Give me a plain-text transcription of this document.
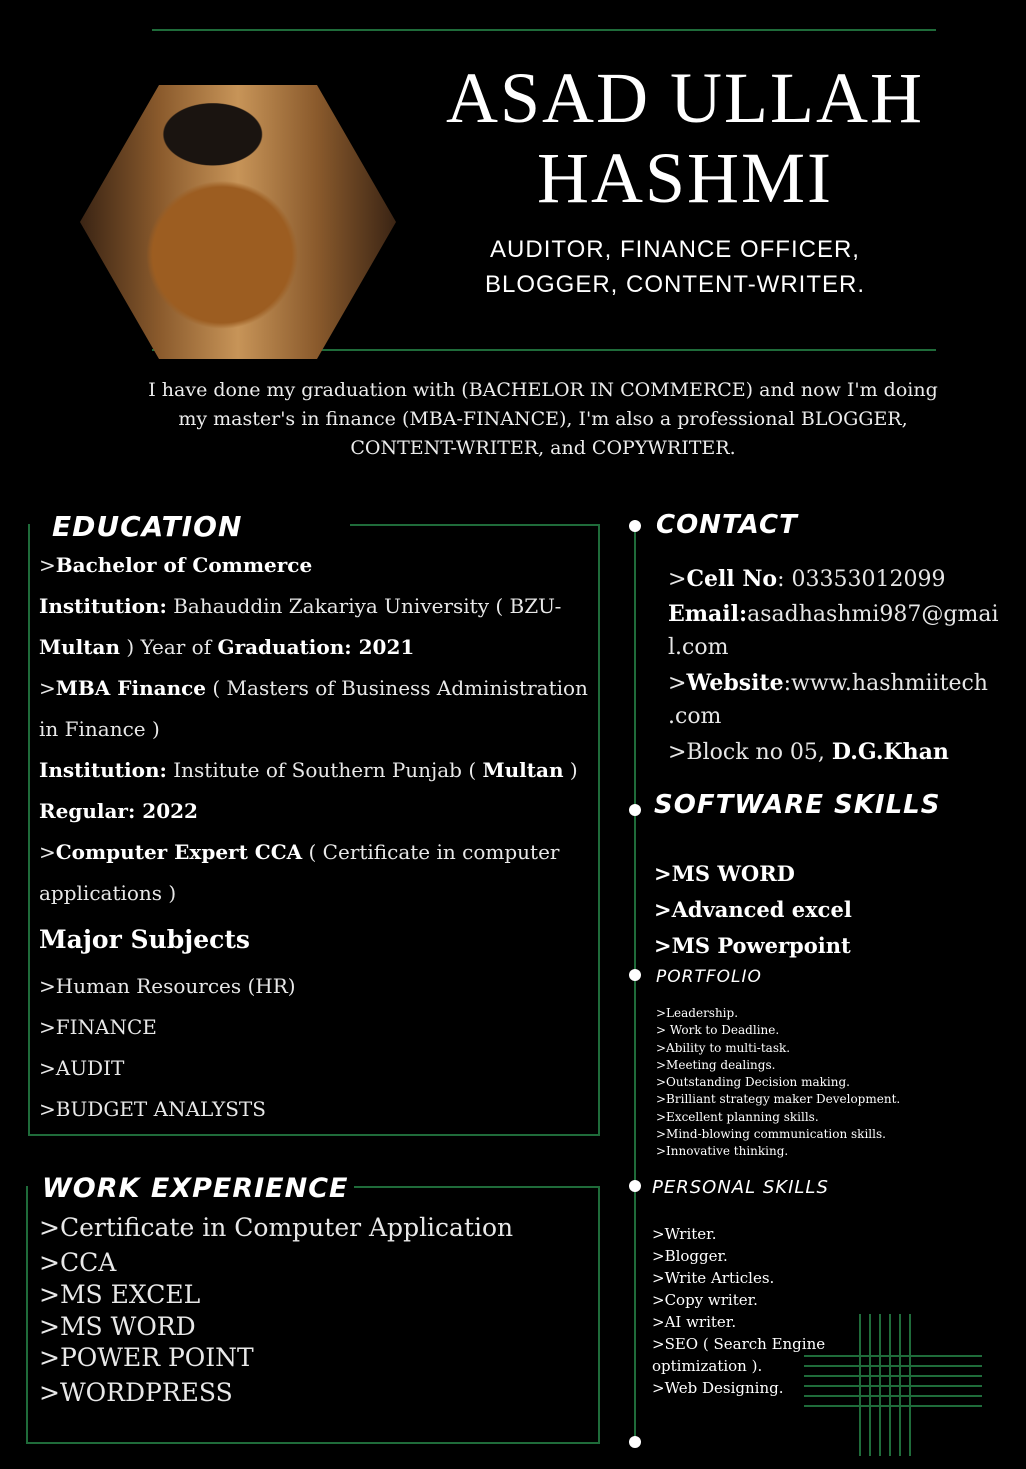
ASAD ULLAH
HASHMI
AUDITOR, FINANCE OFFICER,
BLOGGER, CONTENT-WRITER.
I have done my graduation with (BACHELOR IN COMMERCE) and now I'm doing
my master's in finance (MBA-FINANCE), I'm also a professional BLOGGER,
CONTENT-WRITER, and COPYWRITER.
EDUCATION
>Bachelor of Commerce
Institution: Bahauddin Zakariya University ( BZU-
Multan ) Year of Graduation: 2021
>MBA Finance ( Masters of Business Administration
in Finance )
Institution: Institute of Southern Punjab ( Multan )
Regular: 2022
>Computer Expert CCA ( Certificate in computer
applications )
Major Subjects
>Human Resources (HR)
>FINANCE
>AUDIT
>BUDGET ANALYSTS
WORK EXPERIENCE
>Certificate in Computer Application
>CCA
>MS EXCEL
>MS WORD
>POWER POINT
>WORDPRESS
CONTACT
>Cell No: 03353012099
Email:asadhashmi987@gmai
l.com
>Website:www.hashmiitech
.com
>Block no 05, D.G.Khan
SOFTWARE SKILLS
>MS WORD
>Advanced excel
>MS Powerpoint
PORTFOLIO
>Leadership.
> Work to Deadline.
>Ability to multi-task.
>Meeting dealings.
>Outstanding Decision making.
>Brilliant strategy maker Development.
>Excellent planning skills.
>Mind-blowing communication skills.
>Innovative thinking.
PERSONAL SKILLS
>Writer.
>Blogger.
>Write Articles.
>Copy writer.
>AI writer.
>SEO ( Search Engine
optimization ).
>Web Designing.
